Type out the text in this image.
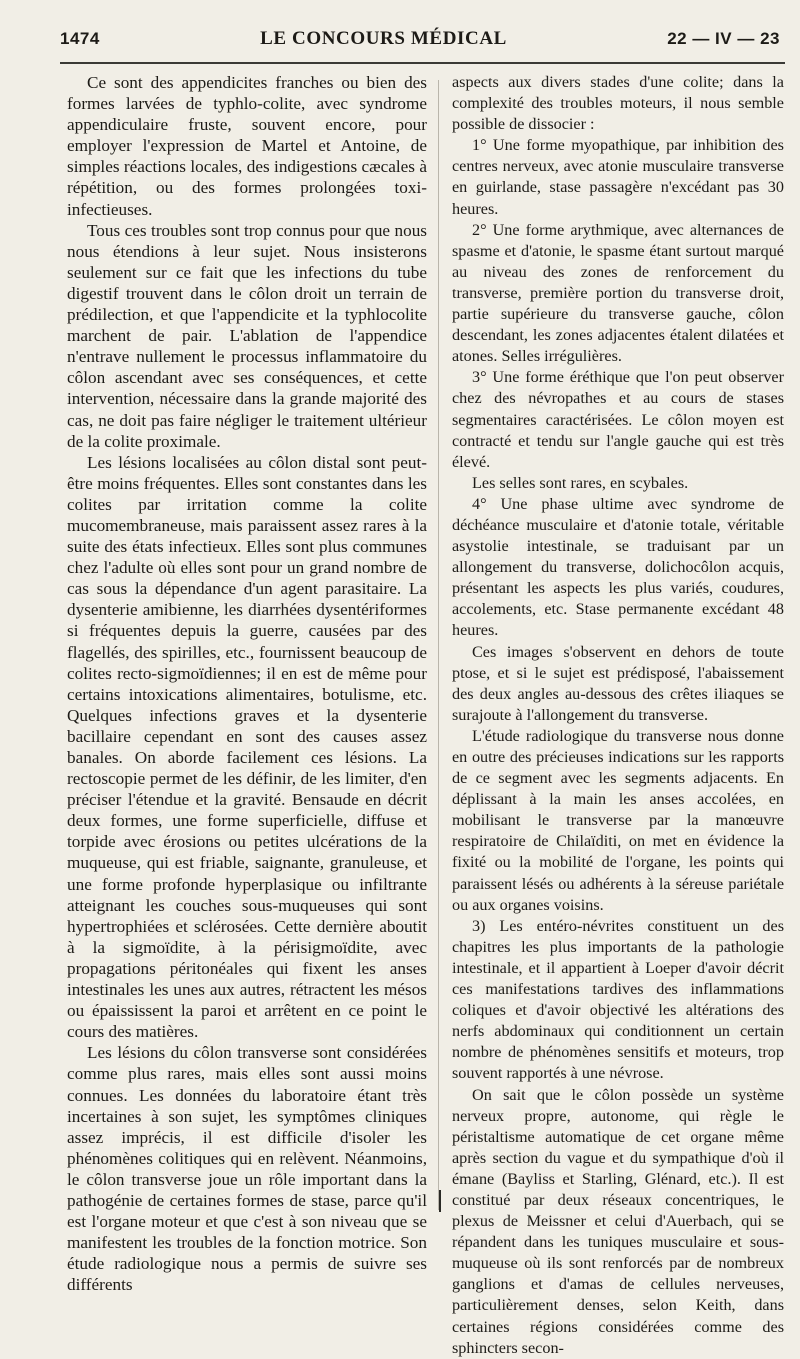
1474	LE CONCOURS MÉDICAL	22 — IV — 23

Ce sont des appendicites franches ou bien des formes larvées de typhlo-colite, avec syndrome appendiculaire fruste, souvent encore, pour employer l'expression de Martel et Antoine, de simples réactions locales, des indigestions cæcales à répétition, ou des formes prolongées toxi-infectieuses.

Tous ces troubles sont trop connus pour que nous nous étendions à leur sujet. Nous insisterons seulement sur ce fait que les infections du tube digestif trouvent dans le côlon droit un terrain de prédilection, et que l'appendicite et la typhlocolite marchent de pair. L'ablation de l'appendice n'entrave nullement le processus inflammatoire du côlon ascendant avec ses conséquences, et cette intervention, nécessaire dans la grande majorité des cas, ne doit pas faire négliger le traitement ultérieur de la colite proximale.

Les lésions localisées au côlon distal sont peut-être moins fréquentes. Elles sont constantes dans les colites par irritation comme la colite mucomembraneuse, mais paraissent assez rares à la suite des états infectieux. Elles sont plus communes chez l'adulte où elles sont pour un grand nombre de cas sous la dépendance d'un agent parasitaire. La dysenterie amibienne, les diarrhées dysentériformes si fréquentes depuis la guerre, causées par des flagellés, des spirilles, etc., fournissent beaucoup de colites recto-sigmoïdiennes; il en est de même pour certains intoxications alimentaires, botulisme, etc. Quelques infections graves et la dysenterie bacillaire cependant en sont des causes assez banales. On aborde facilement ces lésions. La rectoscopie permet de les définir, de les limiter, d'en préciser l'étendue et la gravité. Bensaude en décrit deux formes, une forme superficielle, diffuse et torpide avec érosions ou petites ulcérations de la muqueuse, qui est friable, saignante, granuleuse, et une forme profonde hyperplasique ou infiltrante atteignant les couches sous-muqueuses qui sont hypertrophiées et sclérosées. Cette dernière aboutit à la sigmoïdite, à la périsigmoïdite, avec propagations péritonéales qui fixent les anses intestinales les unes aux autres, rétractent les mésos ou épaississent la paroi et arrêtent en ce point le cours des matières.

Les lésions du côlon transverse sont considérées comme plus rares, mais elles sont aussi moins connues. Les données du laboratoire étant très incertaines à son sujet, les symptômes cliniques assez imprécis, il est difficile d'isoler les phénomènes colitiques qui en relèvent. Néanmoins, le côlon transverse joue un rôle important dans la pathogénie de certaines formes de stase, parce qu'il est l'organe moteur et que c'est à son niveau que se manifestent les troubles de la fonction motrice. Son étude radiologique nous a permis de suivre ses différents

aspects aux divers stades d'une colite; dans la complexité des troubles moteurs, il nous semble possible de dissocier :

1° Une forme myopathique, par inhibition des centres nerveux, avec atonie musculaire transverse en guirlande, stase passagère n'excédant pas 30 heures.

2° Une forme arythmique, avec alternances de spasme et d'atonie, le spasme étant surtout marqué au niveau des zones de renforcement du transverse, première portion du transverse droit, partie supérieure du transverse gauche, côlon descendant, les zones adjacentes étalent dilatées et atones. Selles irrégulières.

3° Une forme éréthique que l'on peut observer chez des névropathes et au cours de stases segmentaires caractérisées. Le côlon moyen est contracté et tendu sur l'angle gauche qui est très élevé.

Les selles sont rares, en scybales.

4° Une phase ultime avec syndrome de déchéance musculaire et d'atonie totale, véritable asystolie intestinale, se traduisant par un allongement du transverse, dolichocôlon acquis, présentant les aspects les plus variés, coudures, accolements, etc. Stase permanente excédant 48 heures.

Ces images s'observent en dehors de toute ptose, et si le sujet est prédisposé, l'abaissement des deux angles au-dessous des crêtes iliaques se surajoute à l'allongement du transverse.

L'étude radiologique du transverse nous donne en outre des précieuses indications sur les rapports de ce segment avec les segments adjacents. En déplissant à la main les anses accolées, en mobilisant le transverse par la manœuvre respiratoire de Chilaïditi, on met en évidence la fixité ou la mobilité de l'organe, les points qui paraissent lésés ou adhérents à la séreuse pariétale ou aux organes voisins.

3) Les entéro-névrites constituent un des chapitres les plus importants de la pathologie intestinale, et il appartient à Loeper d'avoir décrit ces manifestations tardives des inflammations coliques et d'avoir objectivé les altérations des nerfs abdominaux qui conditionnent un certain nombre de phénomènes sensitifs et moteurs, trop souvent rapportés à une névrose.

On sait que le côlon possède un système nerveux propre, autonome, qui règle le péristaltisme automatique de cet organe même après section du vague et du sympathique d'où il émane (Bayliss et Starling, Glénard, etc.). Il est constitué par deux réseaux concentriques, le plexus de Meissner et celui d'Auerbach, qui se répandent dans les tuniques musculaire et sous-muqueuse où ils sont renforcés par de nombreux ganglions et d'amas de cellules nerveuses, particulièrement denses, selon Keith, dans certaines régions considérées comme des sphincters secon-
